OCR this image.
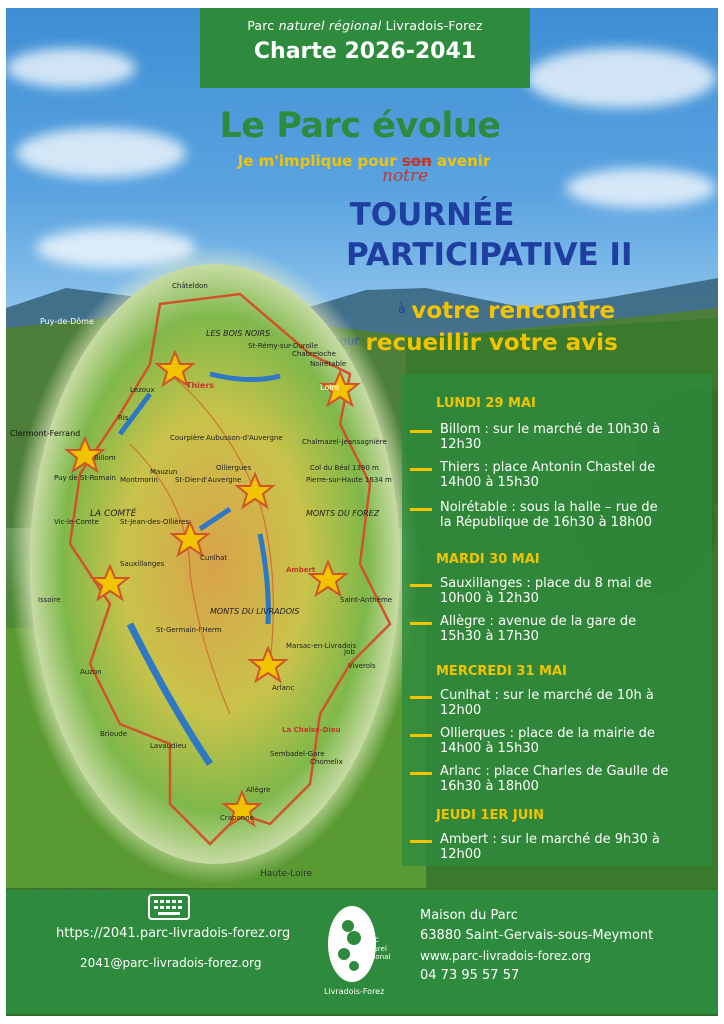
Parc naturel régional Livradois-Forez
Charte 2026-2041
Le Parc évolue
Je m'implique pour son avenir
notre
TOURNÉE
PARTICIPATIVE II
$^à$ votre rencontre
recueillir votre avis
Châteldon
Ris
Lezoux	Thiers
LES BOIS NOIRS
St-Rémy-sur-Durolle
Chabreloche
Noirétable
Loire
Clermont-Ferrand
Billom
Courpière Aubusson-d'Auvergne
Mauzun
Montmorin St-Dier-d'Auvergne
Olliergues
Chalmazel-Jeansagnière
Puy de St-Romain
LA COMTÉ
Vic-le-Comte	St-Jean-des-Ollières
Cunlhat
MONTS DU FOREZ
Issoire
Sauxillanges
Ambert
Saint-Anthème
MONTS DU LIVRADOIS
St-Germain-l'Herm
Viverols
Arlanc
Auzon
Brioude	La Chaise-Dieu
Allègre
Craponne
Haute-Loire
Puy-de-Dôme
Pierre-sur-Haute 1634 m
Col du Béal 1390 m
Job
Marsac-en-Livradois
Chomelix
Lavaudieu
Sembadel-Gare
LUNDI 29 MAI
Billom : sur le marché de 10h30 à
12h30
Thiers : place Antonin Chastel de
14h00 à 15h30
Noirétable : sous la halle – rue de
la République de 16h30 à 18h00
MARDI 30 MAI
Sauxillanges : place du 8 mai de
10h00 à 12h30
Allègre : avenue de la gare de
15h30 à 17h30
MERCREDI 31 MAI
Cunlhat : sur le marché de 10h à
12h00
Ollierques : place de la mairie de
14h00 à 15h30
Arlanc : place Charles de Gaulle de
16h30 à 18h00
JEUDI 1ER JUIN
Ambert : sur le marché de 9h30 à
12h00
https://2041.parc-livradois-forez.org
2041@parc-livradois-forez.org
Parc
naturel
régional
Livradois-Forez
Maison du Parc
63880 Saint-Gervais-sous-Meymont
www.parc-livradois-forez.org
04 73 95 57 57
